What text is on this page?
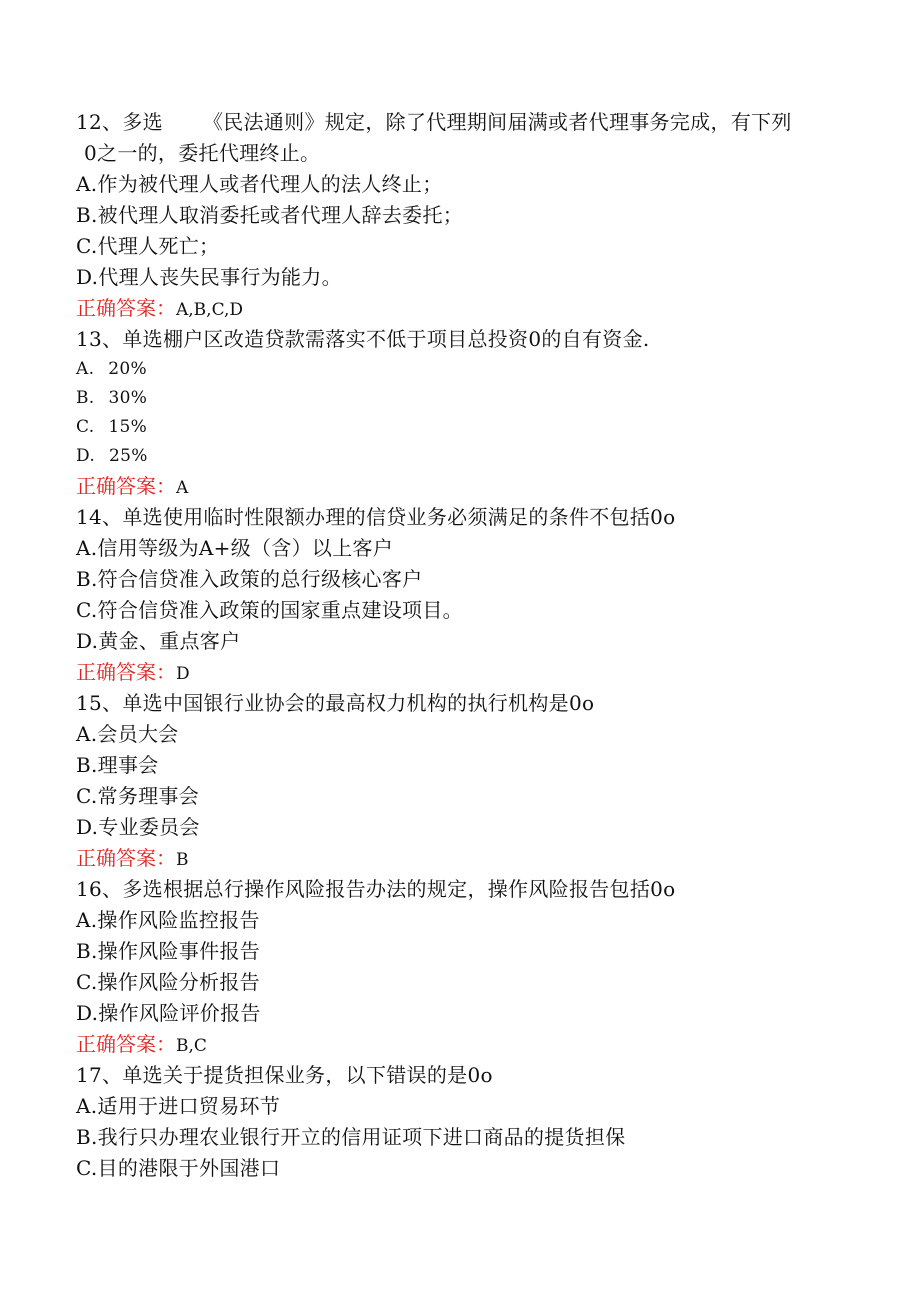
12、多选 《民法通则》规定，除了代理期间届满或者代理事务完成，有下列
0之一的，委托代理终止。
A.作为被代理人或者代理人的法人终止；
B.被代理人取消委托或者代理人辞去委托；
C.代理人死亡；
D.代理人丧失民事行为能力。
正确答案：A,B,C,D
13、单选棚户区改造贷款需落实不低于项目总投资0的自有资金.
A. 20%
B. 30%
C. 15%
D. 25%
正确答案：A
14、单选使用临时性限额办理的信贷业务必须满足的条件不包括0o
A.信用等级为A+级（含）以上客户
B.符合信贷准入政策的总行级核心客户
C.符合信贷准入政策的国家重点建设项目。
D.黄金、重点客户
正确答案：D
15、单选中国银行业协会的最高权力机构的执行机构是0o
A.会员大会
B.理事会
C.常务理事会
D.专业委员会
正确答案：B
16、多选根据总行操作风险报告办法的规定，操作风险报告包括0o
A.操作风险监控报告
B.操作风险事件报告
C.操作风险分析报告
D.操作风险评价报告
正确答案：B,C
17、单选关于提货担保业务，以下错误的是0o
A.适用于进口贸易环节
B.我行只办理农业银行开立的信用证项下进口商品的提货担保
C.目的港限于外国港口
